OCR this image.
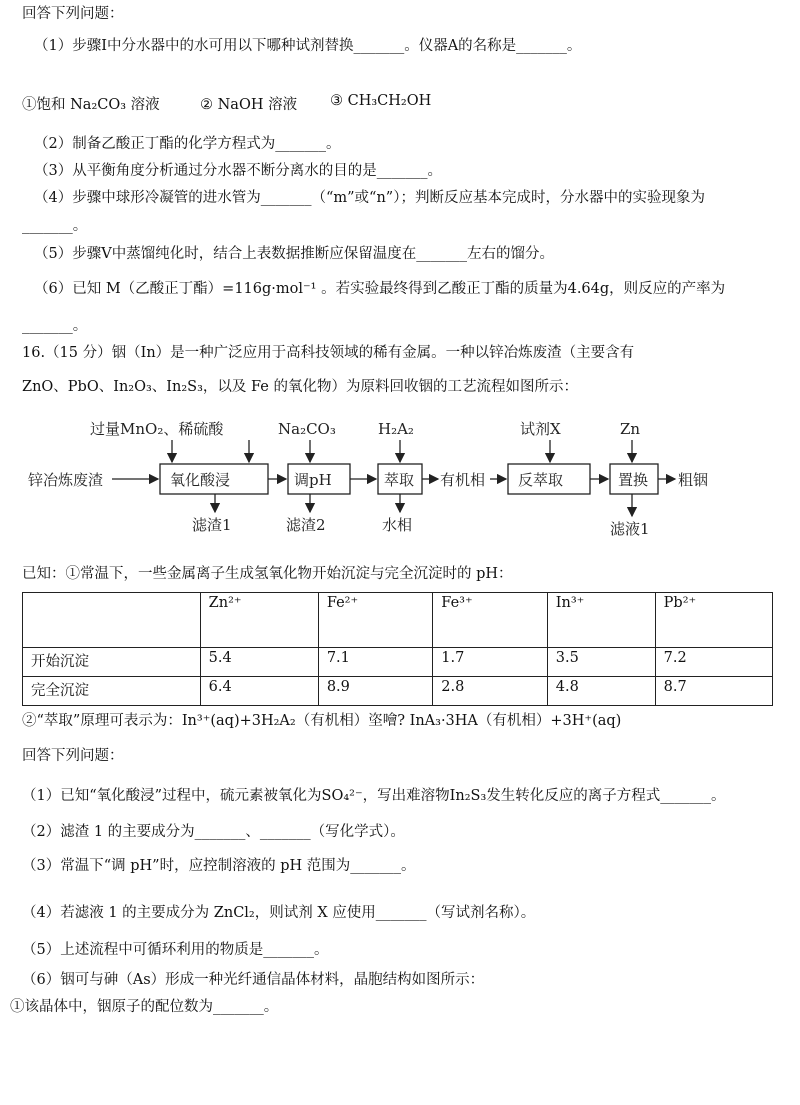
回答下列问题：
（1）步骤Ⅰ中分水器中的水可用以下哪种试剂替换_______。仪器A的名称是_______。
①饱和 Na₂CO₃ 溶液	② NaOH 溶液 ③ CH₃CH₂OH
（2）制备乙酸正丁酯的化学方程式为_______。
（3）从平衡角度分析通过分水器不断分离水的目的是_______。
（4）步骤中球形冷凝管的进水管为_______（“m”或“n”）；判断反应基本完成时，分水器中的实验现象为
_______。
（5）步骤Ⅴ中蒸馏纯化时，结合上表数据推断应保留温度在_______左右的馏分。
（6）已知 M（乙酸正丁酯）=116g·mol⁻¹ 。若实验最终得到乙酸正丁酯的质量为4.64g，则反应的产率为
_______。
16.（15 分）铟（In）是一种广泛应用于高科技领域的稀有金属。一种以锌冶炼废渣（主要含有
ZnO、PbO、In₂O₃、In₂S₃，以及 Fe 的氧化物）为原料回收铟的工艺流程如图所示：
锌冶炼废渣	氧化酸浸	调pH	萃取 有机相 反萃取	置换 粗铟
过量MnO₂、稀硫酸	Na₂CO₃	H₂A₂	试剂X	Zn
滤渣1	滤渣2	水相	滤液1
已知：①常温下，一些金属离子生成氢氧化物开始沉淀与完全沉淀时的 pH：
	Zn²⁺	Fe²⁺	Fe³⁺	In³⁺	Pb²⁺
开始沉淀	5.4	7.1	1.7	3.5	7.2
完全沉淀	6.4	8.9	2.8	4.8	8.7
②“萃取”原理可表示为：In³⁺(aq)+3H₂A₂（有机相）垐噲? InA₃·3HA（有机相）+3H⁺(aq)
回答下列问题：
（1）已知“氧化酸浸”过程中，硫元素被氧化为SO₄²⁻，写出难溶物In₂S₃发生转化反应的离子方程式_______。
（2）滤渣 1 的主要成分为_______、_______（写化学式）。
（3）常温下“调 pH”时，应控制溶液的 pH 范围为_______。
（4）若滤液 1 的主要成分为 ZnCl₂，则试剂 X 应使用_______（写试剂名称）。
（5）上述流程中可循环利用的物质是_______。
（6）铟可与砷（As）形成一种光纤通信晶体材料，晶胞结构如图所示：
①该晶体中，铟原子的配位数为_______。
